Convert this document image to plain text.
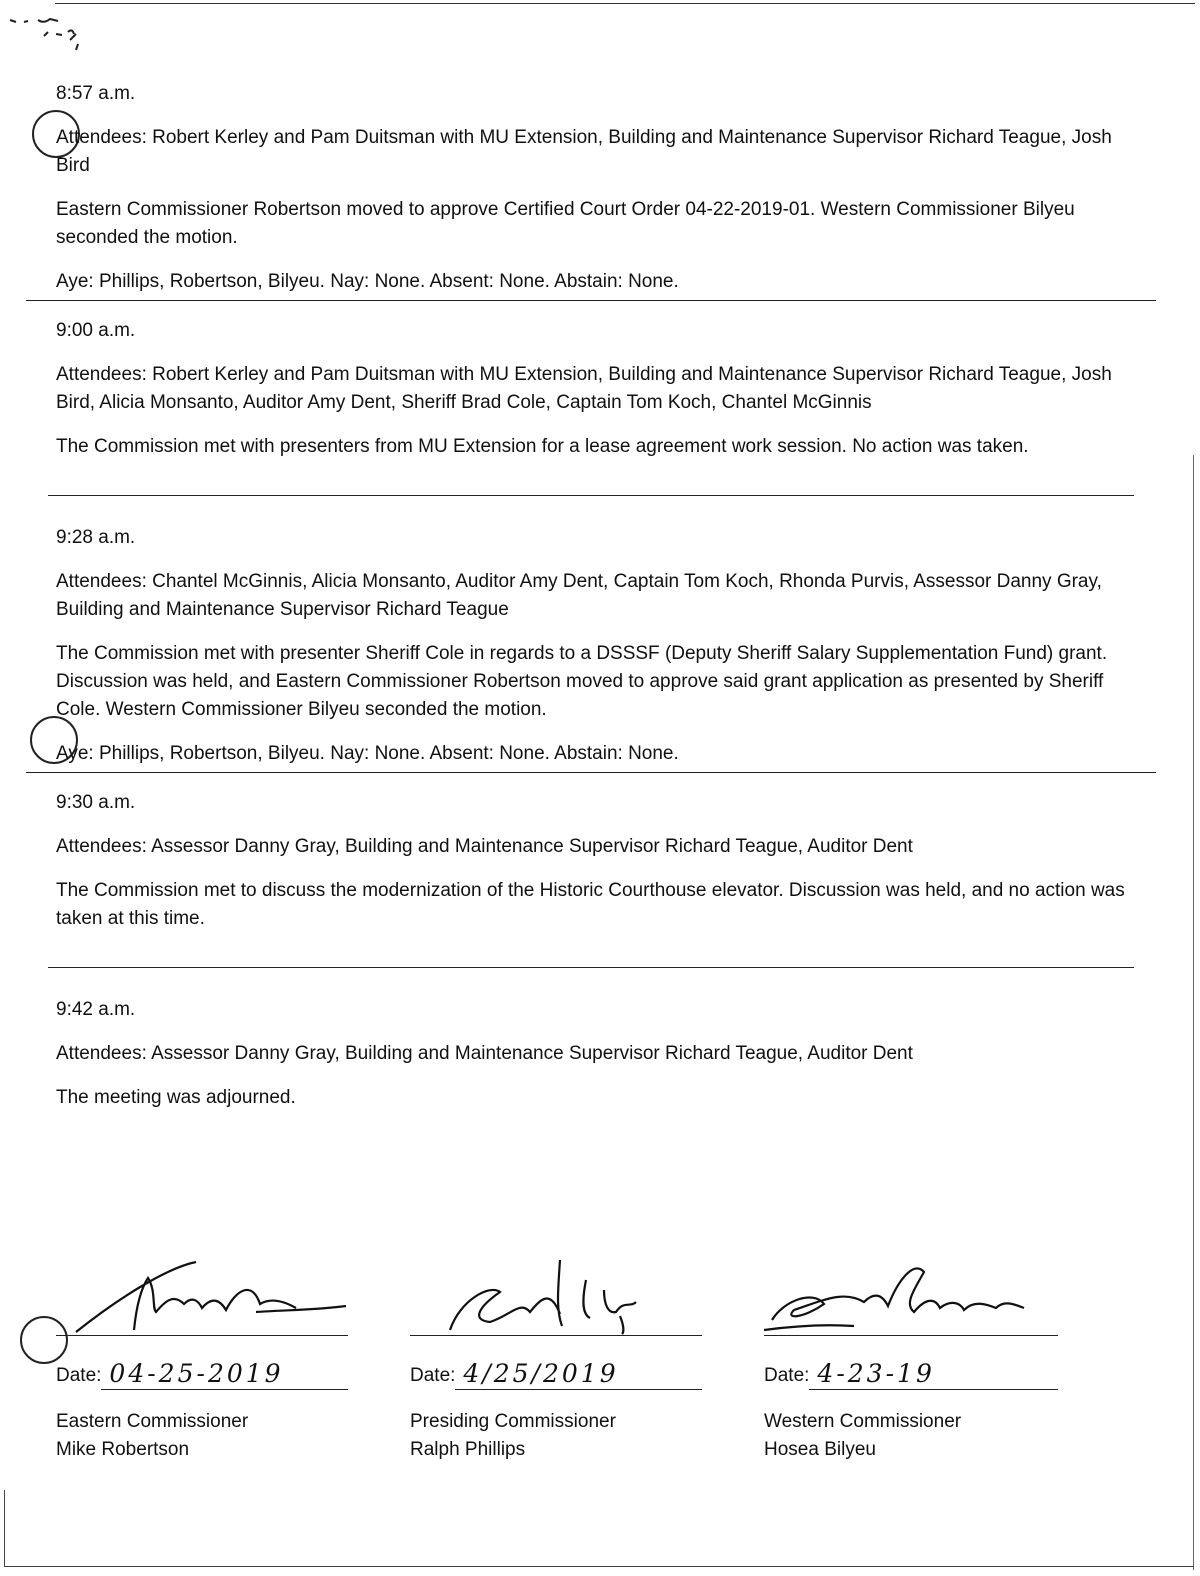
8:57 a.m.
Attendees: Robert Kerley and Pam Duitsman with MU Extension, Building and Maintenance Supervisor Richard Teague, Josh Bird
Eastern Commissioner Robertson moved to approve Certified Court Order 04-22-2019-01. Western Commissioner Bilyeu seconded the motion.
Aye: Phillips, Robertson, Bilyeu. Nay: None. Absent: None. Abstain: None.
9:00 a.m.
Attendees: Robert Kerley and Pam Duitsman with MU Extension, Building and Maintenance Supervisor Richard Teague, Josh Bird, Alicia Monsanto, Auditor Amy Dent, Sheriff Brad Cole, Captain Tom Koch, Chantel McGinnis
The Commission met with presenters from MU Extension for a lease agreement work session. No action was taken.
9:28 a.m.
Attendees: Chantel McGinnis, Alicia Monsanto, Auditor Amy Dent, Captain Tom Koch, Rhonda Purvis, Assessor Danny Gray, Building and Maintenance Supervisor Richard Teague
The Commission met with presenter Sheriff Cole in regards to a DSSSF (Deputy Sheriff Salary Supplementation Fund) grant. Discussion was held, and Eastern Commissioner Robertson moved to approve said grant application as presented by Sheriff Cole. Western Commissioner Bilyeu seconded the motion.
Aye: Phillips, Robertson, Bilyeu. Nay: None. Absent: None. Abstain: None.
9:30 a.m.
Attendees: Assessor Danny Gray, Building and Maintenance Supervisor Richard Teague, Auditor Dent
The Commission met to discuss the modernization of the Historic Courthouse elevator. Discussion was held, and no action was taken at this time.
9:42 a.m.
Attendees: Assessor Danny Gray, Building and Maintenance Supervisor Richard Teague, Auditor Dent
The meeting was adjourned.
Date: 04-25-2019
Eastern Commissioner
Mike Robertson
Date: 4/25/2019
Presiding Commissioner
Ralph Phillips
Date: 4-23-19
Western Commissioner
Hosea Bilyeu
